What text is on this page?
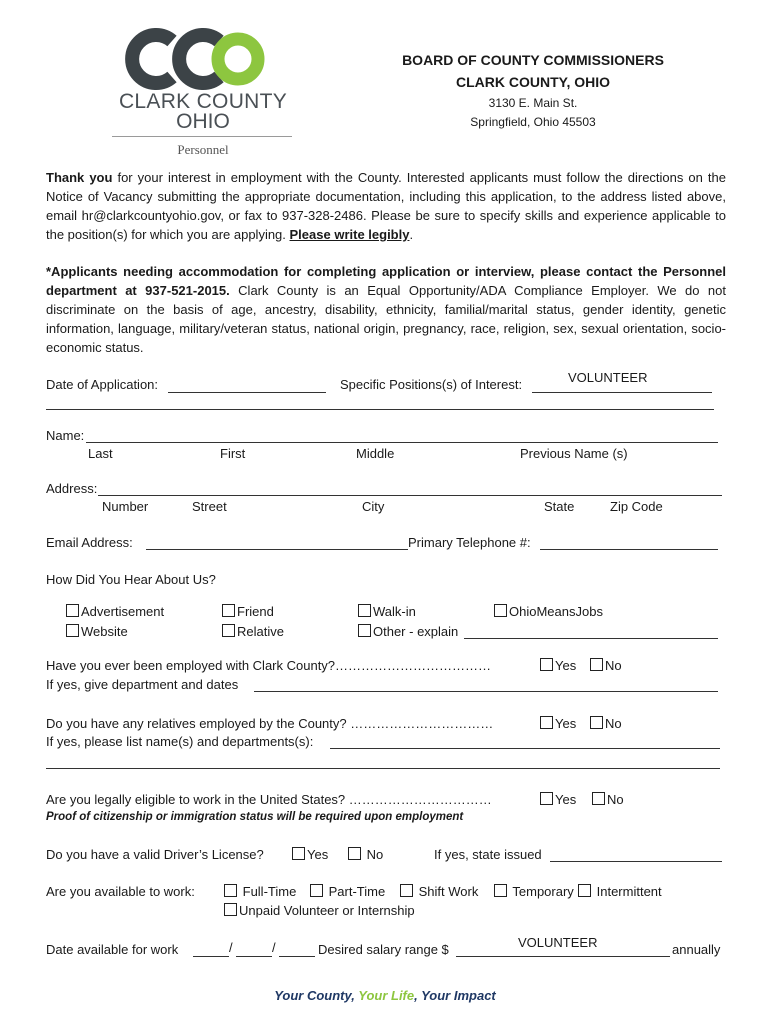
CLARK COUNTY
OHIO
Personnel
BOARD OF COUNTY COMMISSIONERS
CLARK COUNTY, OHIO
3130 E. Main St.
Springfield, Ohio 45503
Thank you for your interest in employment with the County. Interested applicants must follow the directions on the Notice of Vacancy submitting the appropriate documentation, including this application, to the address listed above, email hr@clarkcountyohio.gov, or fax to 937-328-2486. Please be sure to specify skills and experience applicable to the position(s) for which you are applying. Please write legibly.
*Applicants needing accommodation for completing application or interview, please contact the Personnel department at 937-521-2015. Clark County is an Equal Opportunity/ADA Compliance Employer. We do not discriminate on the basis of age, ancestry, disability, ethnicity, familial/marital status, gender identity, genetic information, language, military/veteran status, national origin, pregnancy, race, religion, sex, sexual orientation, socio-economic status.
Date of Application:	Specific Positions(s) of Interest:	VOLUNTEER
Name:
Last	First	Middle	Previous Name (s)
Address:
Number	Street	City	State	Zip Code
Email Address:	Primary Telephone #:
How Did You Hear About Us?
Advertisement	Friend	Walk-in	OhioMeansJobs
Website	Relative	Other - explain
Have you ever been employed with Clark County?………………………………	Yes	No
If yes, give department and dates
Do you have any relatives employed by the County? ……………………………	Yes	No
If yes, please list name(s) and departments(s):
Are you legally eligible to work in the United States? ……………………………	Yes	No
Proof of citizenship or immigration status will be required upon employment
Do you have a valid Driver’s License?	Yes	No	If yes, state issued
Are you available to work:	Full-Time	Part-Time	Shift Work	Temporary	Intermittent
Unpaid Volunteer or Internship
Date available for work	/	/	Desired salary range $	VOLUNTEER	annually
Your County, Your Life, Your Impact
